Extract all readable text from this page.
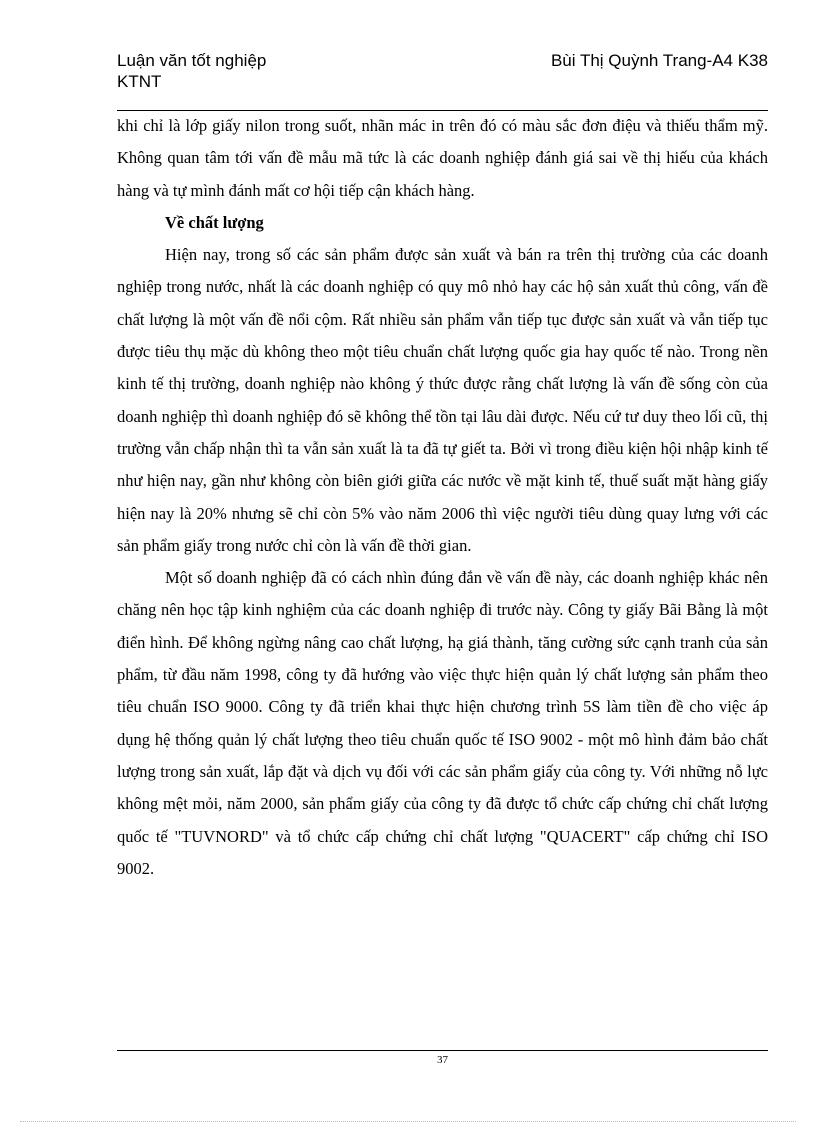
Luận văn tốt nghiệp
KTNT
Bùi Thị Quỳnh Trang-A4 K38

khi chỉ là lớp giấy nilon trong suốt, nhãn mác in trên đó có màu sắc đơn điệu và thiếu thẩm mỹ. Không quan tâm tới vấn đề mẫu mã tức là các doanh nghiệp đánh giá sai về thị hiếu của khách hàng và tự mình đánh mất cơ hội tiếp cận khách hàng.

Về chất lượng

Hiện nay, trong số các sản phẩm được sản xuất và bán ra trên thị trường của các doanh nghiệp trong nước, nhất là các doanh nghiệp có quy mô nhỏ hay các hộ sản xuất thủ công, vấn đề chất lượng là một vấn đề nổi cộm. Rất nhiều sản phẩm vẫn tiếp tục được sản xuất và vẫn tiếp tục được tiêu thụ mặc dù không theo một tiêu chuẩn chất lượng quốc gia hay quốc tế nào. Trong nền kinh tế thị trường, doanh nghiệp nào không ý thức được rằng chất lượng là vấn đề sống còn của doanh nghiệp thì doanh nghiệp đó sẽ không thể tồn tại lâu dài được. Nếu cứ tư duy theo lối cũ, thị trường vẫn chấp nhận thì ta vẫn sản xuất là ta đã tự giết ta. Bởi vì trong điều kiện hội nhập kinh tế như hiện nay, gần như không còn biên giới giữa các nước về mặt kinh tế, thuế suất mặt hàng giấy hiện nay là 20% nhưng sẽ chỉ còn 5% vào năm 2006 thì việc người tiêu dùng quay lưng với các sản phẩm giấy trong nước chỉ còn là vấn đề thời gian.

Một số doanh nghiệp đã có cách nhìn đúng đắn về vấn đề này, các doanh nghiệp khác nên chăng nên học tập kinh nghiệm của các doanh nghiệp đi trước này. Công ty giấy Bãi Bằng là một điển hình. Để không ngừng nâng cao chất lượng, hạ giá thành, tăng cường sức cạnh tranh của sản phẩm, từ đầu năm 1998, công ty đã hướng vào việc thực hiện quản lý chất lượng sản phẩm theo tiêu chuẩn ISO 9000. Công ty đã triển khai thực hiện chương trình 5S làm tiền đề cho việc áp dụng hệ thống quản lý chất lượng theo tiêu chuẩn quốc tế ISO 9002 - một mô hình đảm bảo chất lượng trong sản xuất, lắp đặt và dịch vụ đối với các sản phẩm giấy của công ty. Với những nỗ lực không mệt mỏi, năm 2000, sản phẩm giấy của công ty đã được tổ chức cấp chứng chỉ chất lượng quốc tế "TUVNORD" và tổ chức cấp chứng chỉ chất lượng "QUACERT" cấp chứng chỉ ISO 9002.

37
